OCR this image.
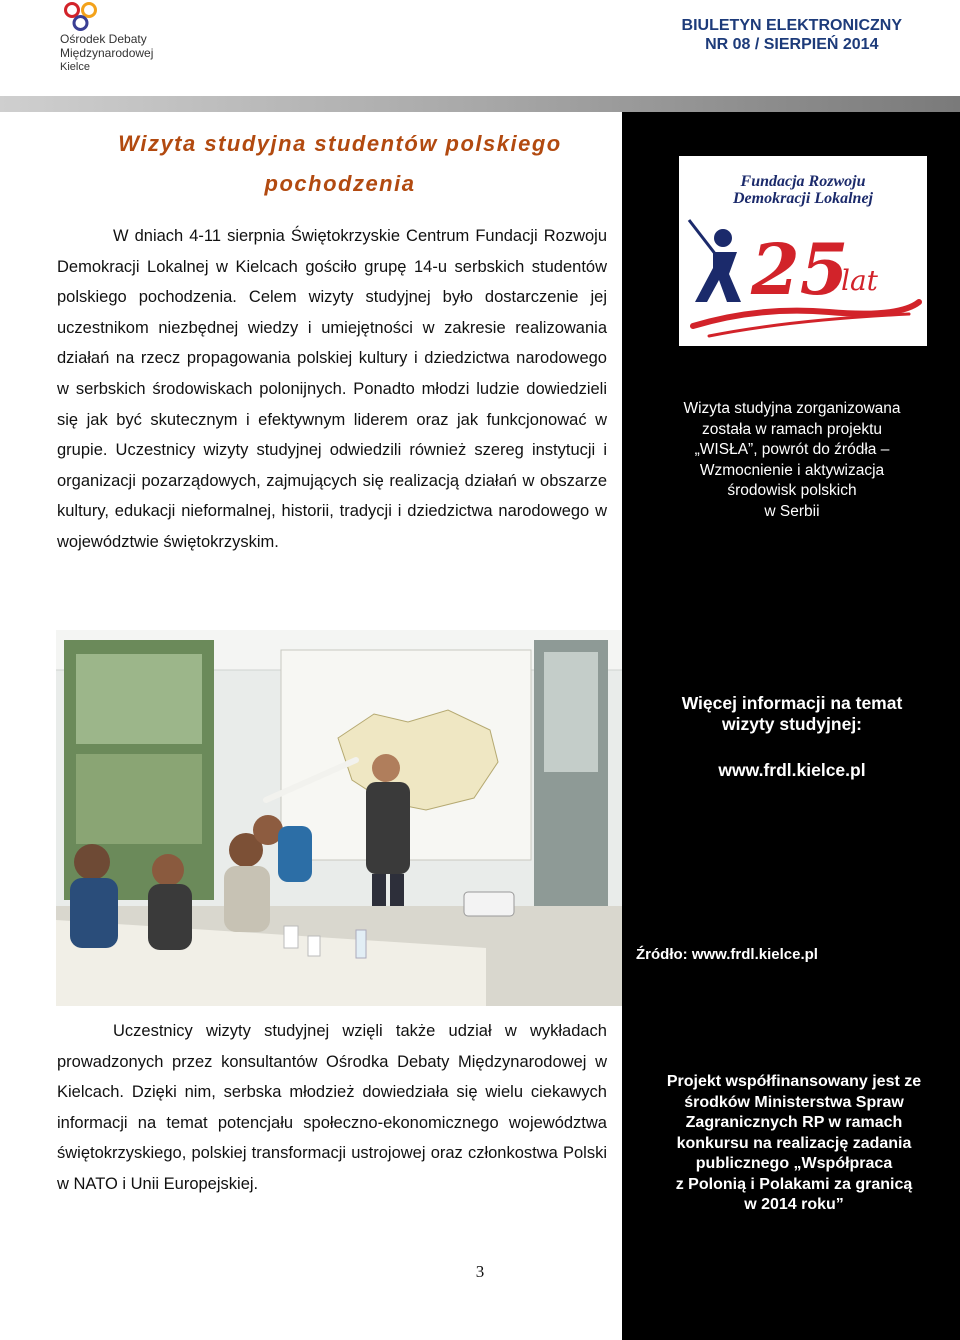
Ośrodek Debaty
Międzynarodowej
Kielce
BIULETYN ELEKTRONICZNY
NR 08 / SIERPIEŃ 2014
Wizyta studyjna studentów polskiego
pochodzenia
W dniach 4-11 sierpnia Świętokrzyskie Centrum Fundacji Rozwoju Demokracji Lokalnej w Kielcach gościło grupę 14-u serbskich studentów polskiego pochodzenia. Celem wizyty studyjnej było dostarczenie jej uczestnikom niezbędnej wiedzy i umiejętności w zakresie realizowania działań na rzecz propagowania polskiej kultury i dziedzictwa narodowego w serbskich środowiskach polonijnych. Ponadto młodzi ludzie dowiedzieli się jak być skutecznym i efektywnym liderem oraz jak funkcjonować w grupie. Uczestnicy wizyty studyjnej odwiedzili również szereg instytucji i organizacji pozarządowych, zajmujących się realizacją działań w obszarze kultury, edukacji nieformalnej, historii, tradycji i dziedzictwa narodowego w województwie świętokrzyskim.
Fundacja Rozwoju
Demokracji Lokalnej
25
lat
Wizyta studyjna zorganizowana
została w ramach projektu
„WISŁA”, powrót do źródła –
Wzmocnienie i aktywizacja
środowisk polskich
w Serbii
Więcej informacji na temat
wizyty studyjnej:
www.frdl.kielce.pl
Źródło: www.frdl.kielce.pl
Projekt współfinansowany jest ze
środków Ministerstwa Spraw
Zagranicznych RP w ramach
konkursu na realizację zadania
publicznego „Współpraca
z Polonią i Polakami za granicą
w 2014 roku”
Uczestnicy wizyty studyjnej wzięli także udział w wykładach prowadzonych przez konsultantów Ośrodka Debaty Międzynarodowej w Kielcach. Dzięki nim, serbska młodzież dowiedziała się wielu ciekawych informacji na temat potencjału społeczno-ekonomicznego województwa świętokrzyskiego, polskiej transformacji ustrojowej oraz członkostwa Polski w NATO i Unii Europejskiej.
3
